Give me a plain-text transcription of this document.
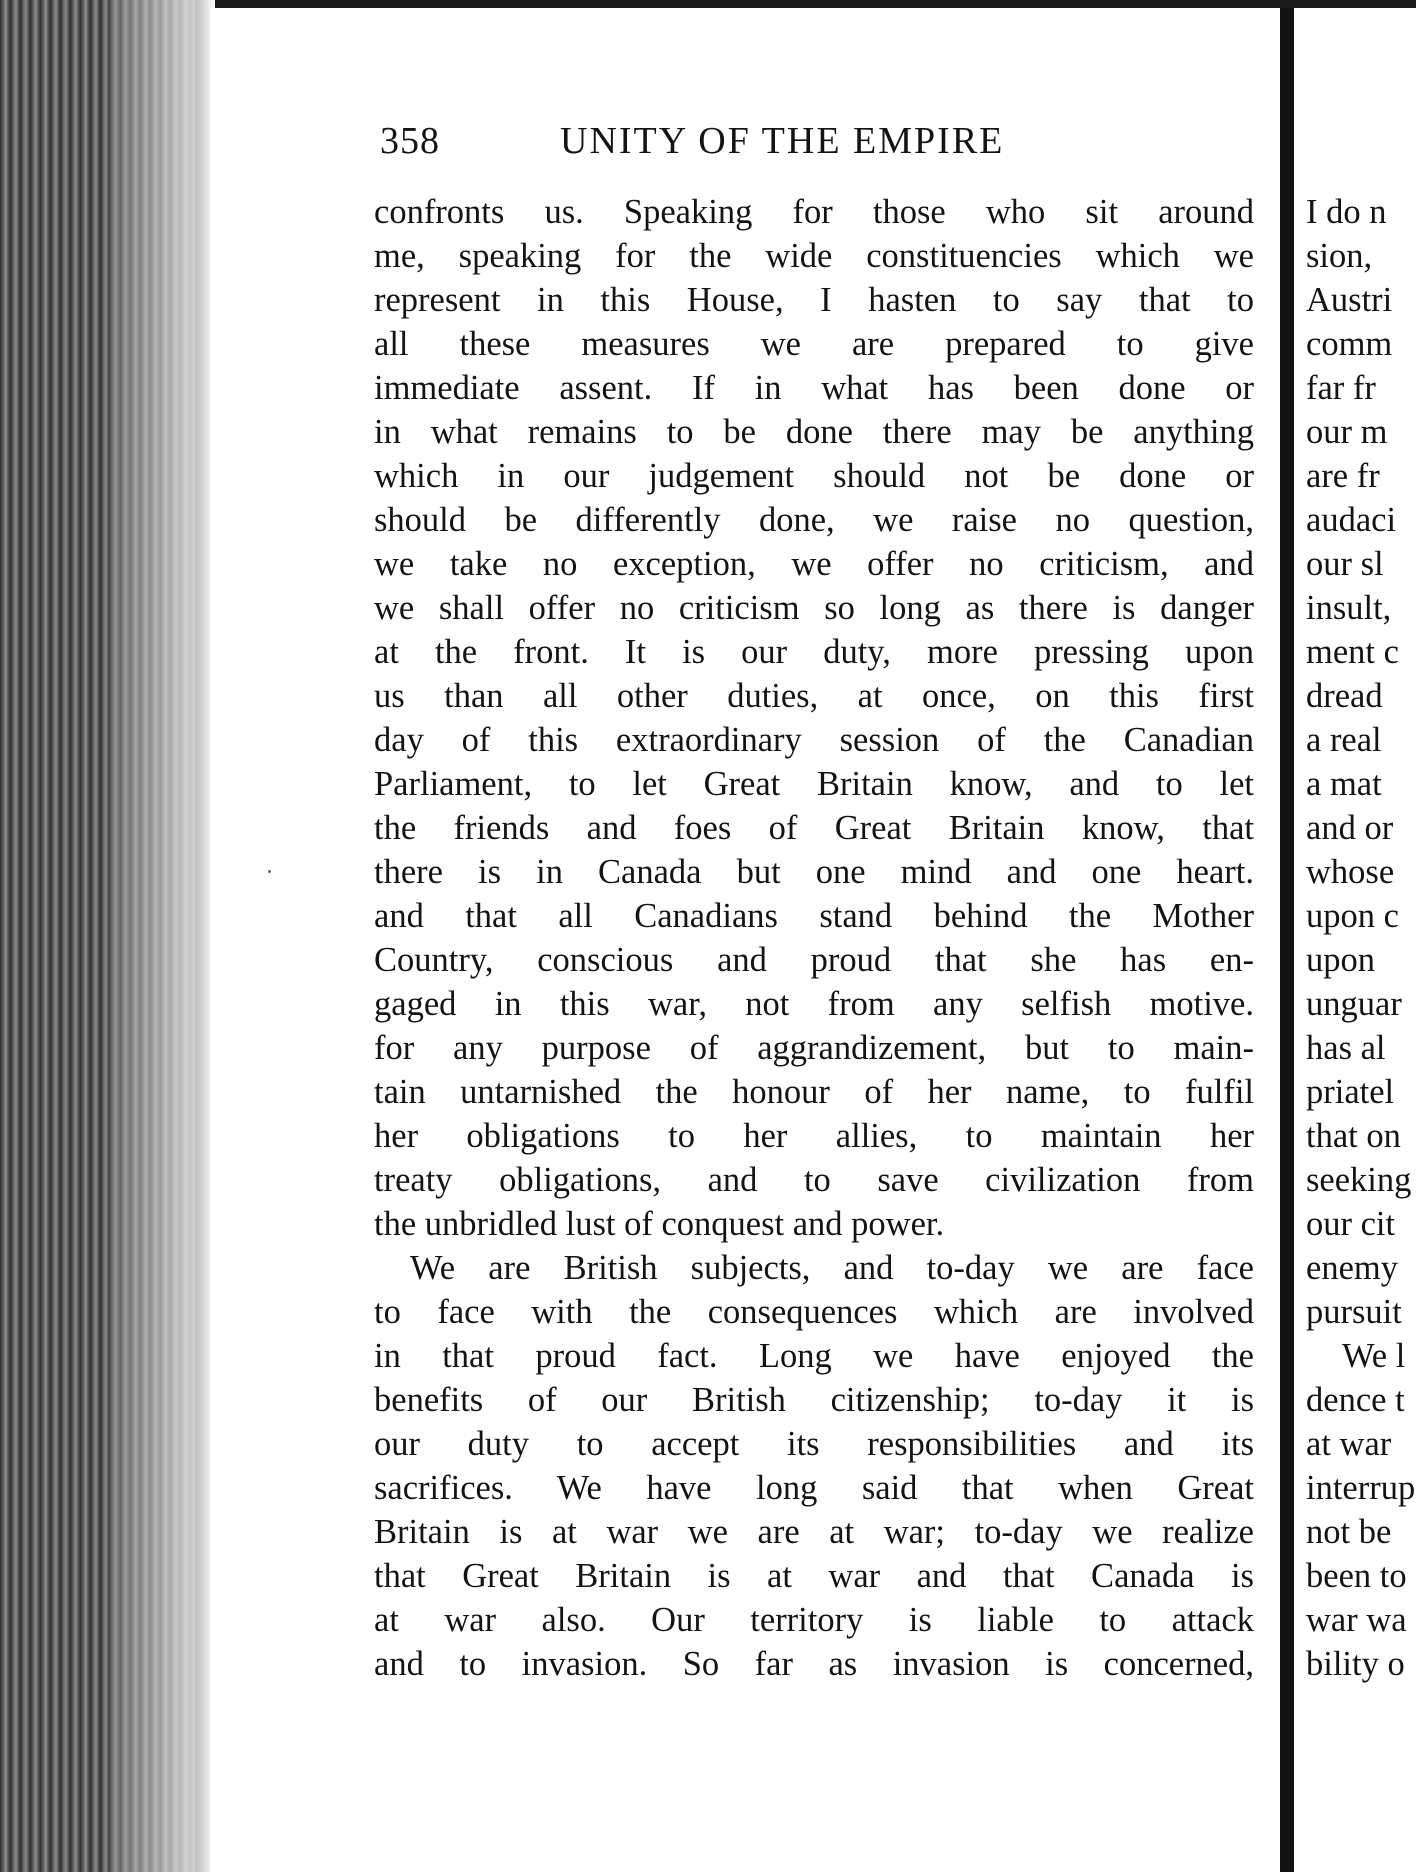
358	UNITY OF THE EMPIRE
confronts us. Speaking for those who sit around
me, speaking for the wide constituencies which we
represent in this House, I hasten to say that to
all these measures we are prepared to give
immediate assent. If in what has been done or
in what remains to be done there may be anything
which in our judgement should not be done or
should be differently done, we raise no question,
we take no exception, we offer no criticism, and
we shall offer no criticism so long as there is danger
at the front. It is our duty, more pressing upon
us than all other duties, at once, on this first
day of this extraordinary session of the Canadian
Parliament, to let Great Britain know, and to let
the friends and foes of Great Britain know, that
there is in Canada but one mind and one heart.
and that all Canadians stand behind the Mother
Country, conscious and proud that she has en-
gaged in this war, not from any selfish motive.
for any purpose of aggrandizement, but to main-
tain untarnished the honour of her name, to fulfil
her obligations to her allies, to maintain her
treaty obligations, and to save civilization from
the unbridled lust of conquest and power.
We are British subjects, and to-day we are face
to face with the consequences which are involved
in that proud fact. Long we have enjoyed the
benefits of our British citizenship; to-day it is
our duty to accept its responsibilities and its
sacrifices. We have long said that when Great
Britain is at war we are at war; to-day we realize
that Great Britain is at war and that Canada is
at war also. Our territory is liable to attack
and to invasion. So far as invasion is concerned,
I do n
sion,
Austri
comm
far fr
our m
are fr
audaci
our sl
insult,
ment c
dread
a real
a mat
and or
whose
upon c
upon
unguar
has al
priatel
that on
seeking
our cit
enemy
pursuit
We l
dence t
at war
interrup
not be
been to
war wa
bility o
